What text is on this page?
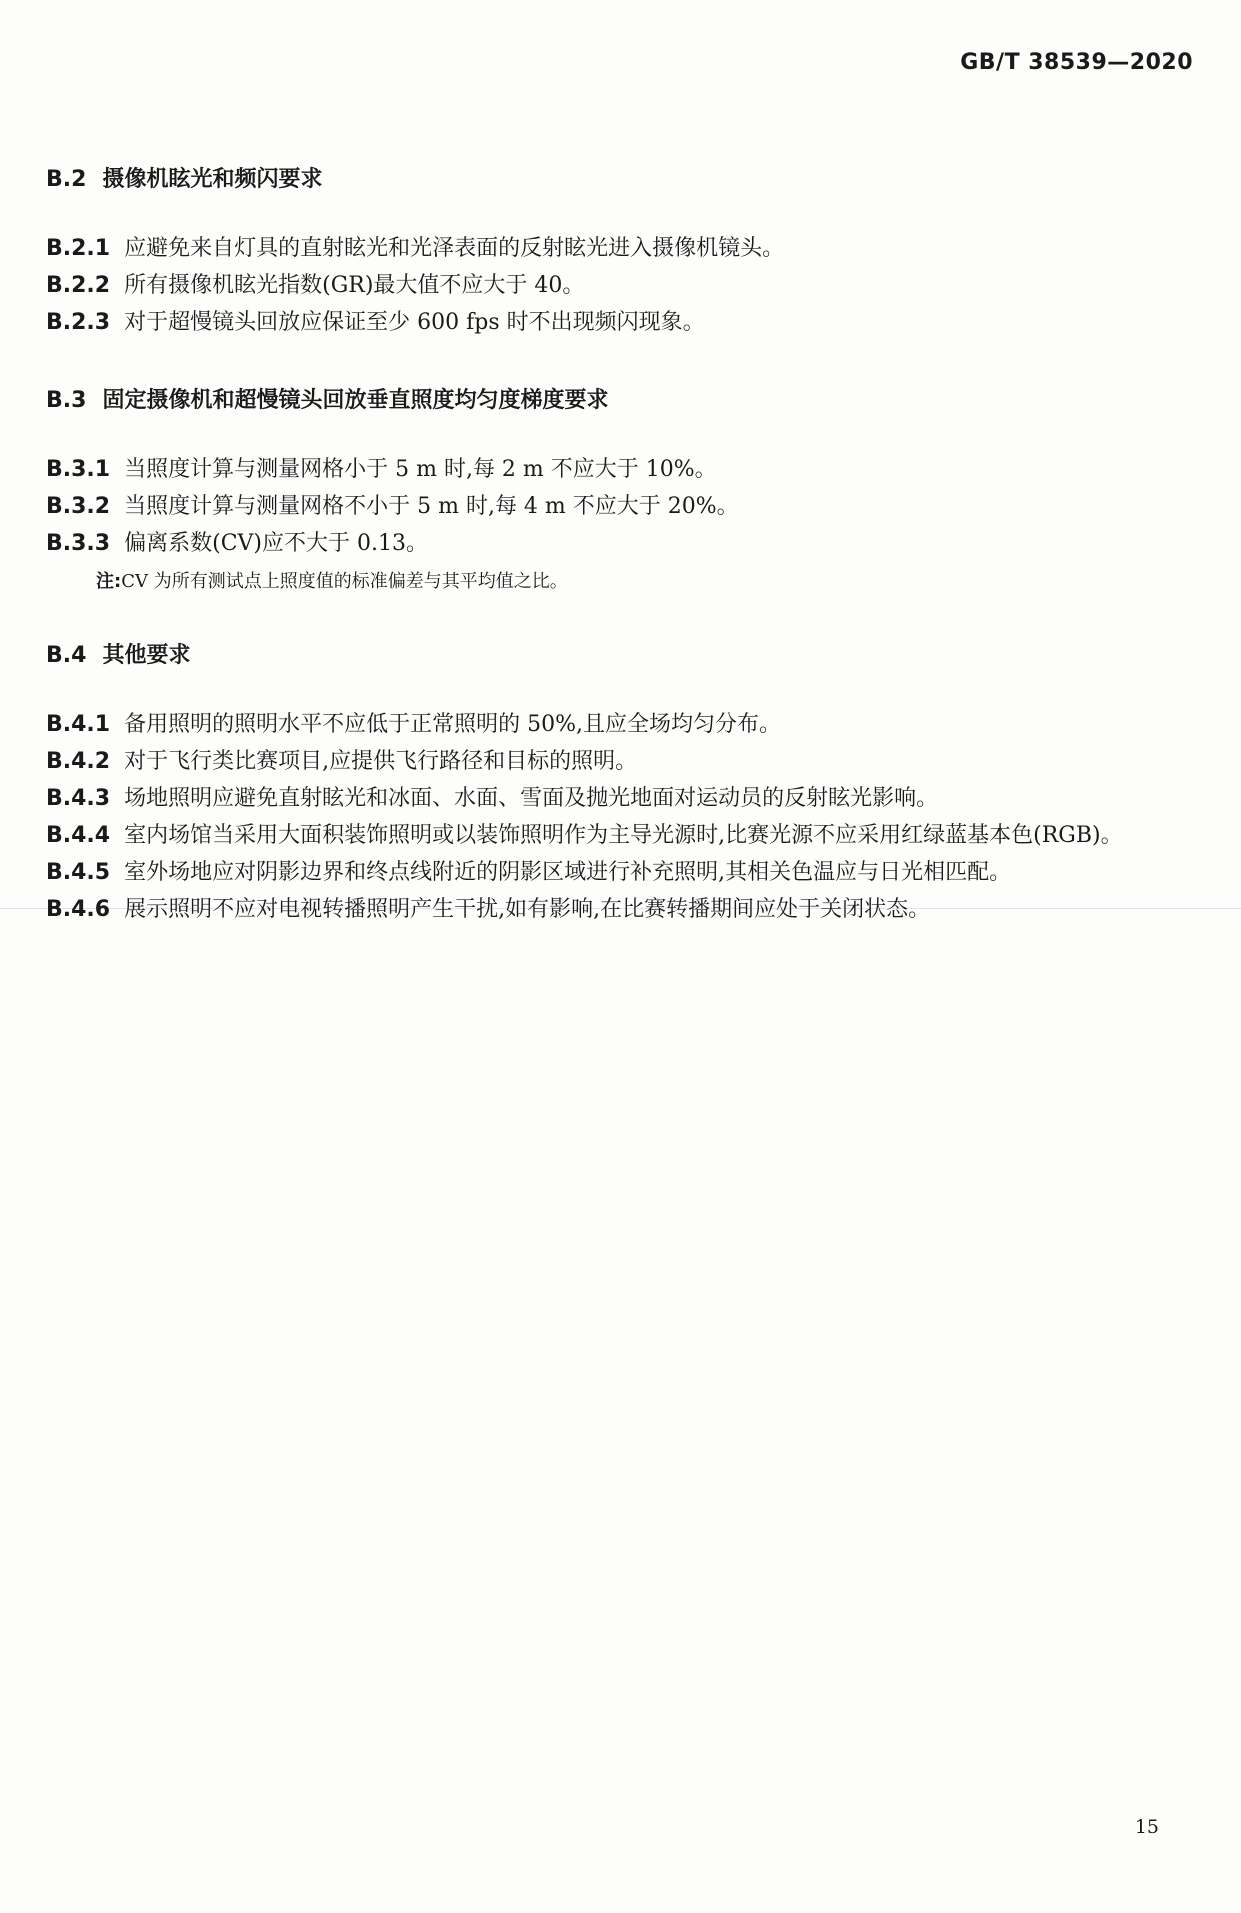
GB/T 38539—2020
B.2 摄像机眩光和频闪要求

B.2.1 应避免来自灯具的直射眩光和光泽表面的反射眩光进入摄像机镜头。

B.2.2 所有摄像机眩光指数(GR)最大值不应大于 40。

B.2.3 对于超慢镜头回放应保证至少 600 fps 时不出现频闪现象。

B.3 固定摄像机和超慢镜头回放垂直照度均匀度梯度要求

B.3.1 当照度计算与测量网格小于 5 m 时,每 2 m 不应大于 10%。

B.3.2 当照度计算与测量网格不小于 5 m 时,每 4 m 不应大于 20%。

B.3.3 偏离系数(CV)应不大于 0.13。

注:CV 为所有测试点上照度值的标准偏差与其平均值之比。
B.4 其他要求

B.4.1 备用照明的照明水平不应低于正常照明的 50%,且应全场均匀分布。

B.4.2 对于飞行类比赛项目,应提供飞行路径和目标的照明。

B.4.3 场地照明应避免直射眩光和冰面、水面、雪面及抛光地面对运动员的反射眩光影响。

B.4.4 室内场馆当采用大面积装饰照明或以装饰照明作为主导光源时,比赛光源不应采用红绿蓝基本色(RGB)。

B.4.5 室外场地应对阴影边界和终点线附近的阴影区域进行补充照明,其相关色温应与日光相匹配。

B.4.6 展示照明不应对电视转播照明产生干扰,如有影响,在比赛转播期间应处于关闭状态。

15
